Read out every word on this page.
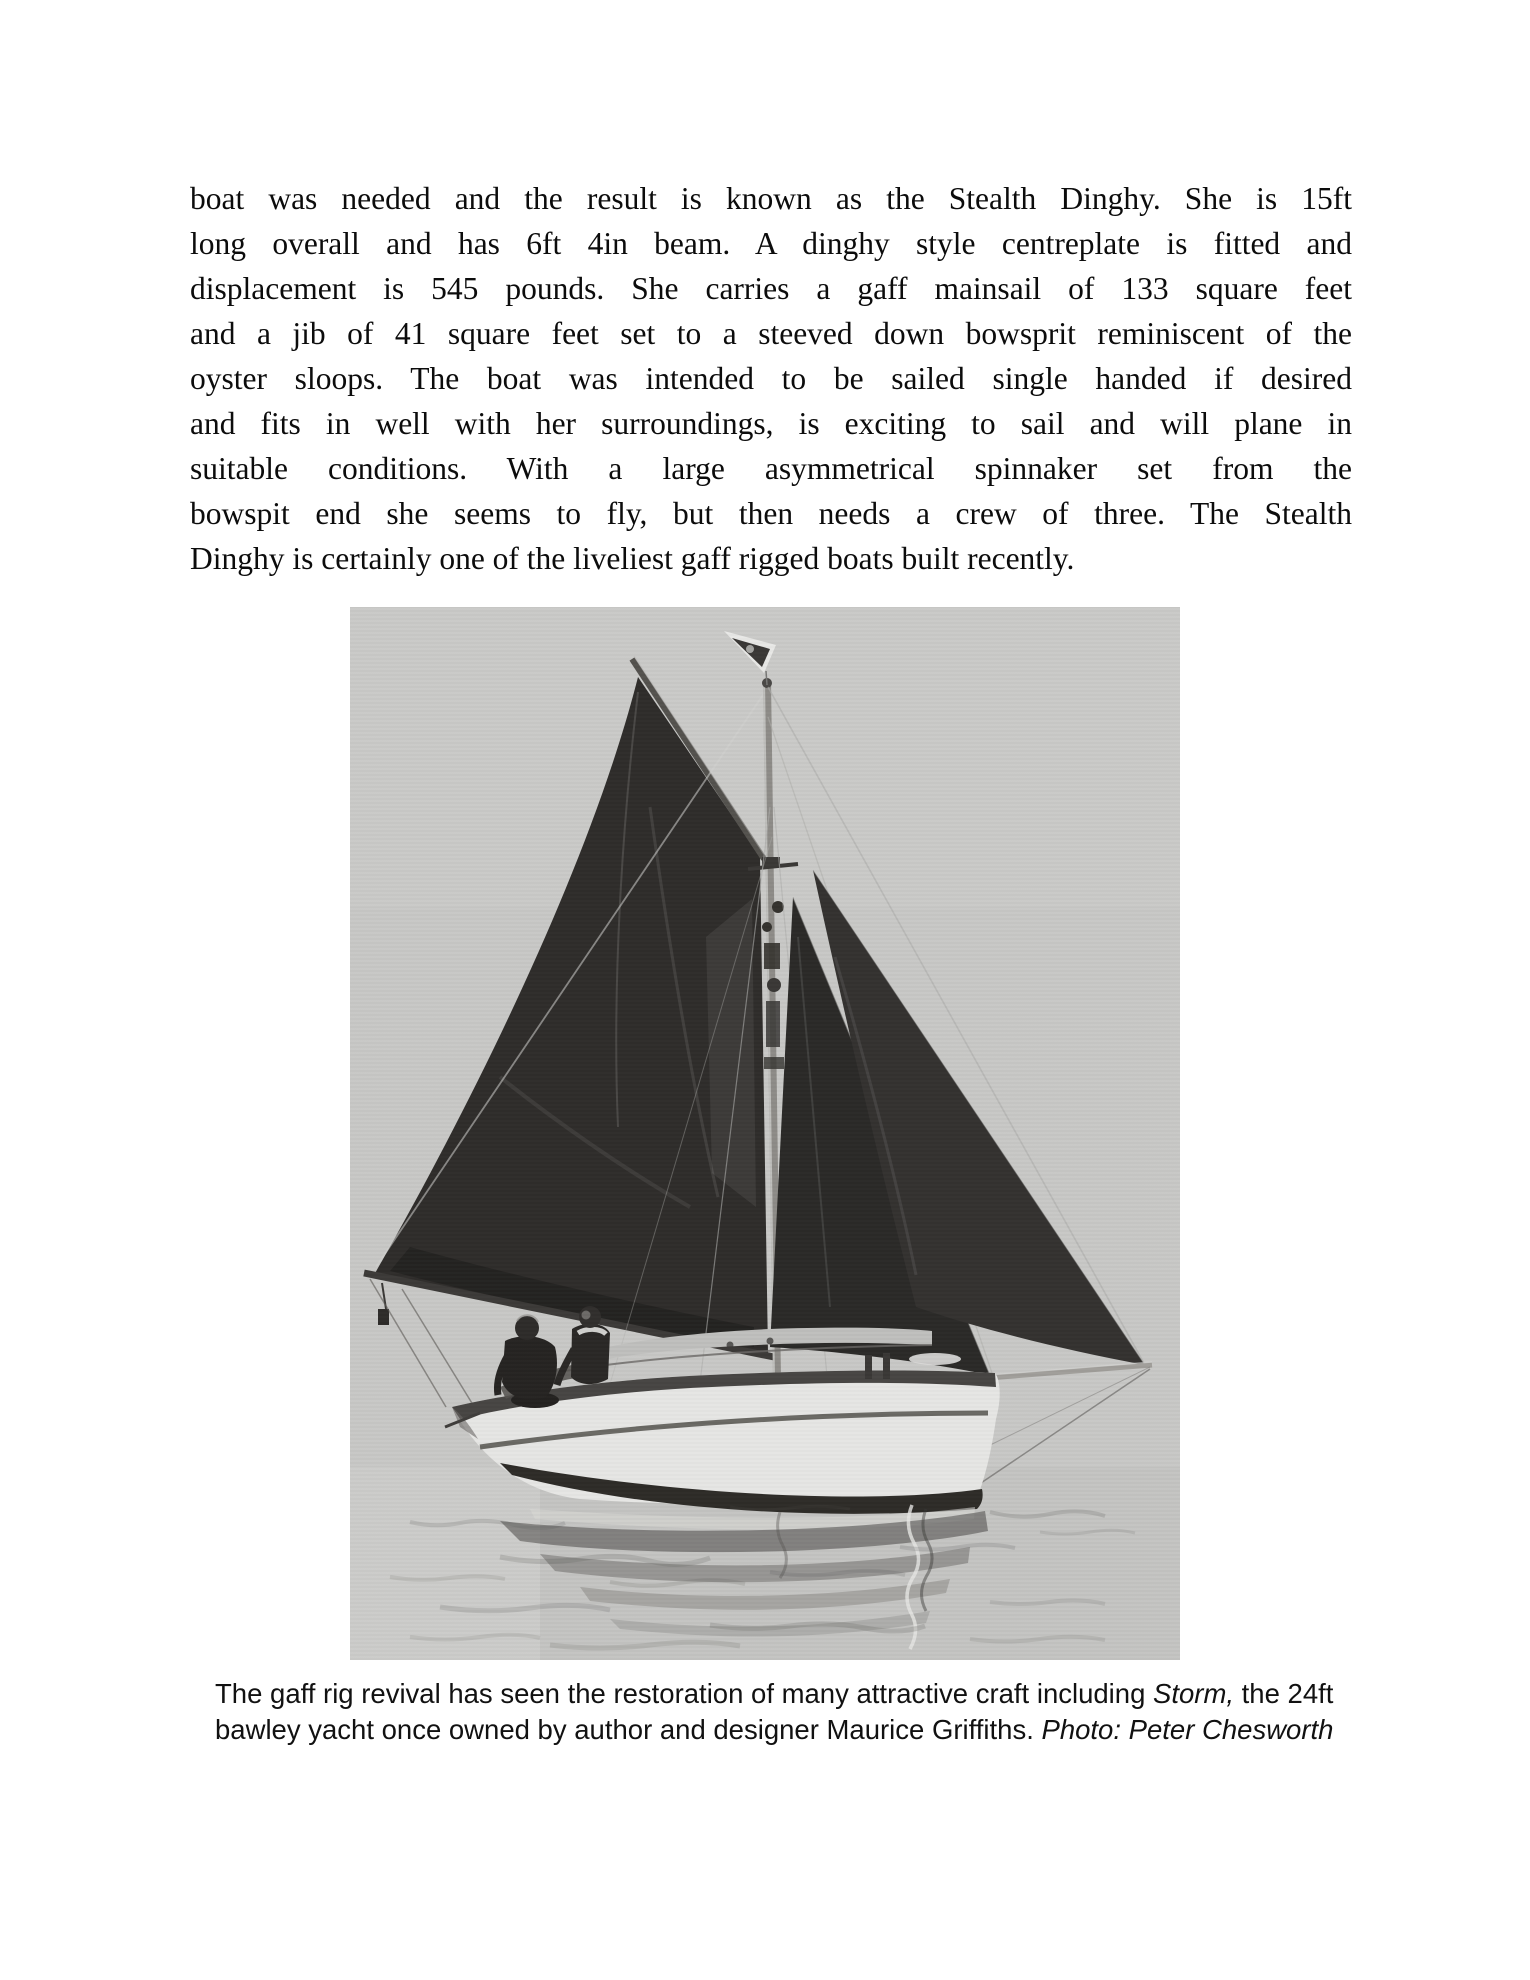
boat was needed and the result is known as the Stealth Dinghy. She is 15ft
long overall and has 6ft 4in beam. A dinghy style centreplate is fitted and
displacement is 545 pounds. She carries a gaff mainsail of 133 square feet
and a jib of 41 square feet set to a steeved down bowsprit reminiscent of the
oyster sloops. The boat was intended to be sailed single handed if desired
and fits in well with her surroundings, is exciting to sail and will plane in
suitable conditions. With a large asymmetrical spinnaker set from the
bowspit end she seems to fly, but then needs a crew of three. The Stealth
Dinghy is certainly one of the liveliest gaff rigged boats built recently.
The gaff rig revival has seen the restoration of many attractive craft including Storm, the 24ft
bawley yacht once owned by author and designer Maurice Griffiths. Photo: Peter Chesworth
